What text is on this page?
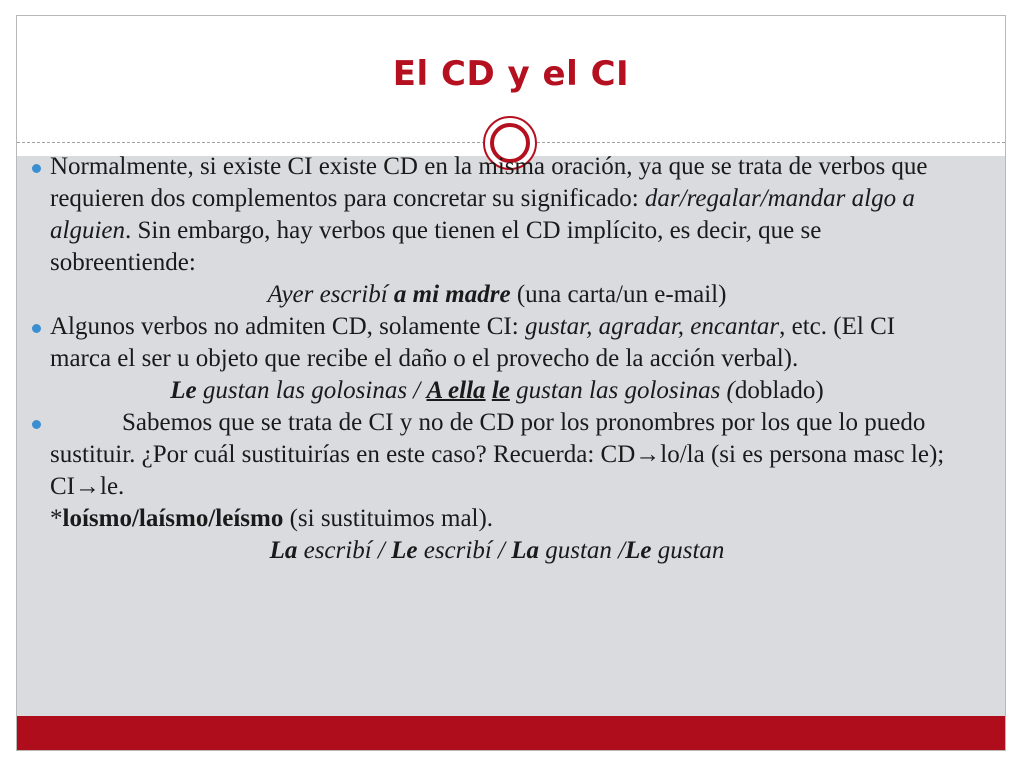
El CD y el CI
Normalmente, si existe CI existe CD en la misma oración, ya que se trata de verbos que requieren dos complementos para concretar su significado: dar/regalar/mandar algo a alguien. Sin embargo, hay verbos que tienen el CD implícito, es decir, que se sobreentiende:
Ayer escribí a mi madre (una carta/un e-mail)
Algunos verbos no admiten CD, solamente CI: gustar, agradar, encantar, etc. (El CI marca el ser u objeto que recibe el daño o el provecho de la acción verbal).
Le gustan las golosinas / A ella le gustan las golosinas (doblado)
Sabemos que se trata de CI y no de CD por los pronombres por los que lo puedo sustituir. ¿Por cuál sustituirías en este caso? Recuerda: CD→lo/la (si es persona masc le); CI→le.
*loísmo/laísmo/leísmo (si sustituimos mal).
La escribí / Le escribí / La gustan /Le gustan
